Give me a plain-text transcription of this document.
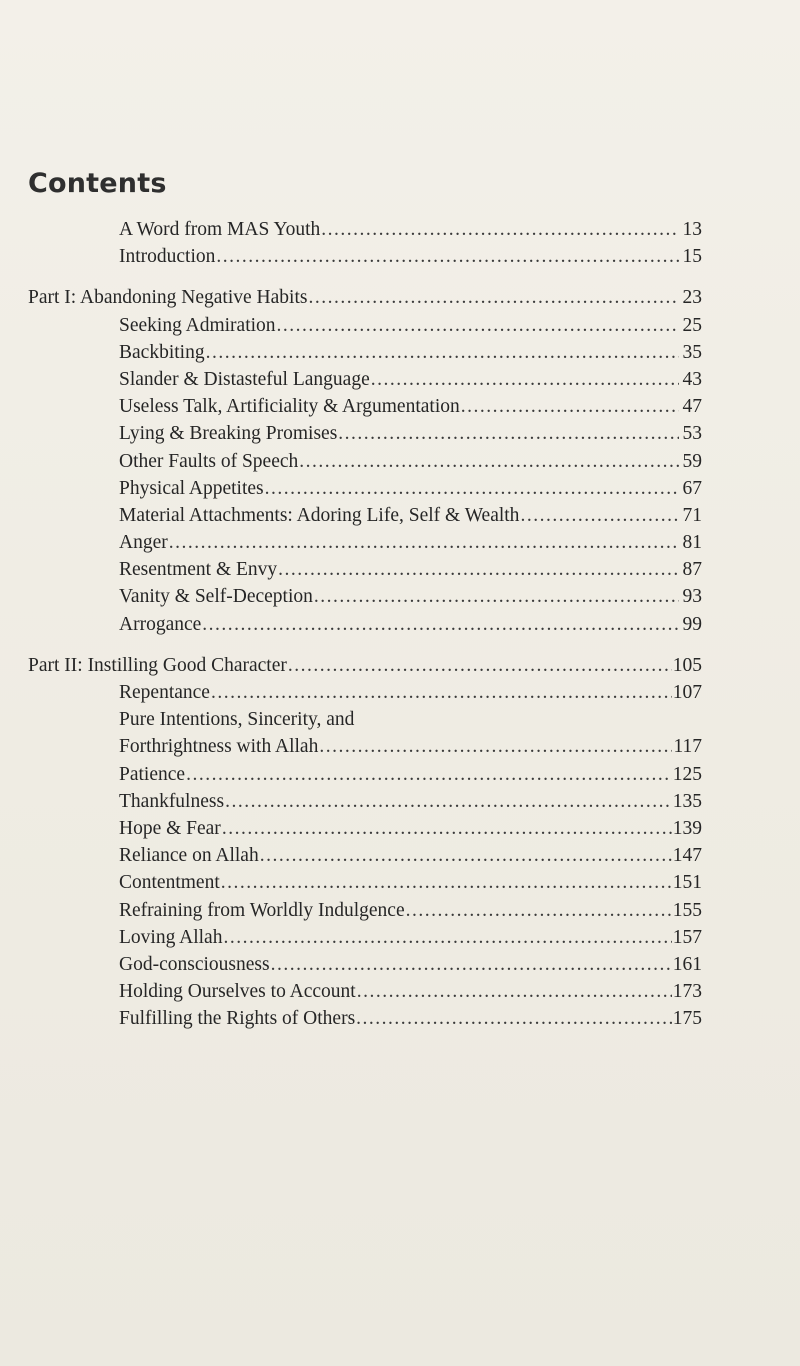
Contents
A Word from MAS Youth .....	13
Introduction .....	15
Part I: Abandoning Negative Habits .....	23
Seeking Admiration .....	25
Backbiting .....	35
Slander & Distasteful Language .....	43
Useless Talk, Artificiality & Argumentation .....	47
Lying & Breaking Promises .....	53
Other Faults of Speech .....	59
Physical Appetites .....	67
Material Attachments: Adoring Life, Self & Wealth .....	71
Anger .....	81
Resentment & Envy .....	87
Vanity & Self-Deception .....	93
Arrogance .....	99
Part II: Instilling Good Character .....	105
Repentance .....	107
Pure Intentions, Sincerity, and
Forthrightness with Allah .....	117
Patience .....	125
Thankfulness .....	135
Hope & Fear .....	139
Reliance on Allah .....	147
Contentment .....	151
Refraining from Worldly Indulgence .....	155
Loving Allah .....	157
God-consciousness .....	161
Holding Ourselves to Account .....	173
Fulfilling the Rights of Others .....	175
